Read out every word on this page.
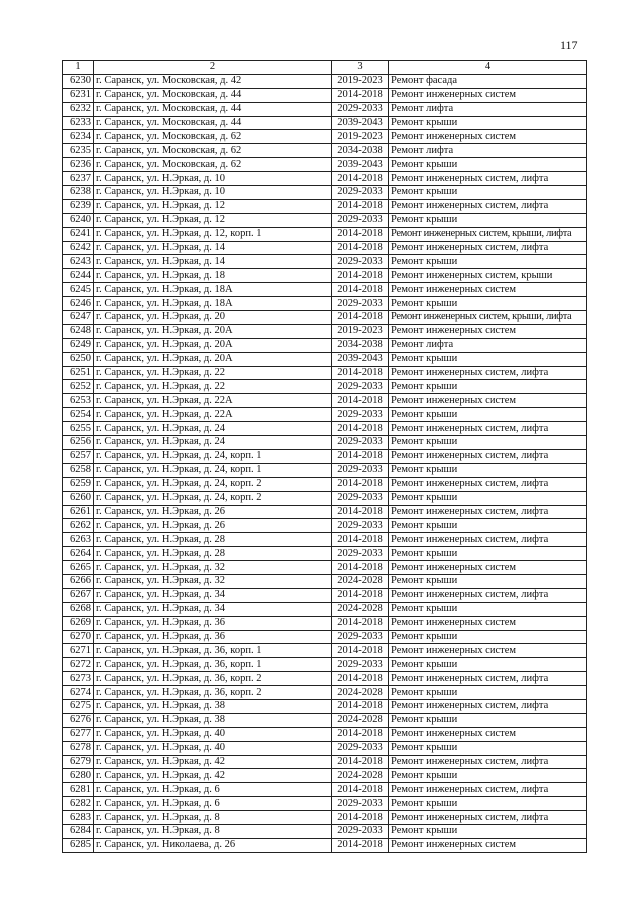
117
1	2	3	4
6230	г. Саранск, ул. Московская, д. 42	2019-2023	Ремонт фасада
6231	г. Саранск, ул. Московская, д. 44	2014-2018	Ремонт инженерных систем
6232	г. Саранск, ул. Московская, д. 44	2029-2033	Ремонт лифта
6233	г. Саранск, ул. Московская, д. 44	2039-2043	Ремонт крыши
6234	г. Саранск, ул. Московская, д. 62	2019-2023	Ремонт инженерных систем
6235	г. Саранск, ул. Московская, д. 62	2034-2038	Ремонт лифта
6236	г. Саранск, ул. Московская, д. 62	2039-2043	Ремонт крыши
6237	г. Саранск, ул. Н.Эркая, д. 10	2014-2018	Ремонт инженерных систем, лифта
6238	г. Саранск, ул. Н.Эркая, д. 10	2029-2033	Ремонт крыши
6239	г. Саранск, ул. Н.Эркая, д. 12	2014-2018	Ремонт инженерных систем, лифта
6240	г. Саранск, ул. Н.Эркая, д. 12	2029-2033	Ремонт крыши
6241	г. Саранск, ул. Н.Эркая, д. 12, корп. 1	2014-2018	Ремонт инженерных систем, крыши, лифта
6242	г. Саранск, ул. Н.Эркая, д. 14	2014-2018	Ремонт инженерных систем, лифта
6243	г. Саранск, ул. Н.Эркая, д. 14	2029-2033	Ремонт крыши
6244	г. Саранск, ул. Н.Эркая, д. 18	2014-2018	Ремонт инженерных систем, крыши
6245	г. Саранск, ул. Н.Эркая, д. 18А	2014-2018	Ремонт инженерных систем
6246	г. Саранск, ул. Н.Эркая, д. 18А	2029-2033	Ремонт крыши
6247	г. Саранск, ул. Н.Эркая, д. 20	2014-2018	Ремонт инженерных систем, крыши, лифта
6248	г. Саранск, ул. Н.Эркая, д. 20А	2019-2023	Ремонт инженерных систем
6249	г. Саранск, ул. Н.Эркая, д. 20А	2034-2038	Ремонт лифта
6250	г. Саранск, ул. Н.Эркая, д. 20А	2039-2043	Ремонт крыши
6251	г. Саранск, ул. Н.Эркая, д. 22	2014-2018	Ремонт инженерных систем, лифта
6252	г. Саранск, ул. Н.Эркая, д. 22	2029-2033	Ремонт крыши
6253	г. Саранск, ул. Н.Эркая, д. 22А	2014-2018	Ремонт инженерных систем
6254	г. Саранск, ул. Н.Эркая, д. 22А	2029-2033	Ремонт крыши
6255	г. Саранск, ул. Н.Эркая, д. 24	2014-2018	Ремонт инженерных систем, лифта
6256	г. Саранск, ул. Н.Эркая, д. 24	2029-2033	Ремонт крыши
6257	г. Саранск, ул. Н.Эркая, д. 24, корп. 1	2014-2018	Ремонт инженерных систем, лифта
6258	г. Саранск, ул. Н.Эркая, д. 24, корп. 1	2029-2033	Ремонт крыши
6259	г. Саранск, ул. Н.Эркая, д. 24, корп. 2	2014-2018	Ремонт инженерных систем, лифта
6260	г. Саранск, ул. Н.Эркая, д. 24, корп. 2	2029-2033	Ремонт крыши
6261	г. Саранск, ул. Н.Эркая, д. 26	2014-2018	Ремонт инженерных систем, лифта
6262	г. Саранск, ул. Н.Эркая, д. 26	2029-2033	Ремонт крыши
6263	г. Саранск, ул. Н.Эркая, д. 28	2014-2018	Ремонт инженерных систем, лифта
6264	г. Саранск, ул. Н.Эркая, д. 28	2029-2033	Ремонт крыши
6265	г. Саранск, ул. Н.Эркая, д. 32	2014-2018	Ремонт инженерных систем
6266	г. Саранск, ул. Н.Эркая, д. 32	2024-2028	Ремонт крыши
6267	г. Саранск, ул. Н.Эркая, д. 34	2014-2018	Ремонт инженерных систем, лифта
6268	г. Саранск, ул. Н.Эркая, д. 34	2024-2028	Ремонт крыши
6269	г. Саранск, ул. Н.Эркая, д. 36	2014-2018	Ремонт инженерных систем
6270	г. Саранск, ул. Н.Эркая, д. 36	2029-2033	Ремонт крыши
6271	г. Саранск, ул. Н.Эркая, д. 36, корп. 1	2014-2018	Ремонт инженерных систем
6272	г. Саранск, ул. Н.Эркая, д. 36, корп. 1	2029-2033	Ремонт крыши
6273	г. Саранск, ул. Н.Эркая, д. 36, корп. 2	2014-2018	Ремонт инженерных систем, лифта
6274	г. Саранск, ул. Н.Эркая, д. 36, корп. 2	2024-2028	Ремонт крыши
6275	г. Саранск, ул. Н.Эркая, д. 38	2014-2018	Ремонт инженерных систем, лифта
6276	г. Саранск, ул. Н.Эркая, д. 38	2024-2028	Ремонт крыши
6277	г. Саранск, ул. Н.Эркая, д. 40	2014-2018	Ремонт инженерных систем
6278	г. Саранск, ул. Н.Эркая, д. 40	2029-2033	Ремонт крыши
6279	г. Саранск, ул. Н.Эркая, д. 42	2014-2018	Ремонт инженерных систем, лифта
6280	г. Саранск, ул. Н.Эркая, д. 42	2024-2028	Ремонт крыши
6281	г. Саранск, ул. Н.Эркая, д. 6	2014-2018	Ремонт инженерных систем, лифта
6282	г. Саранск, ул. Н.Эркая, д. 6	2029-2033	Ремонт крыши
6283	г. Саранск, ул. Н.Эркая, д. 8	2014-2018	Ремонт инженерных систем, лифта
6284	г. Саранск, ул. Н.Эркая, д. 8	2029-2033	Ремонт крыши
6285	г. Саранск, ул. Николаева, д. 26	2014-2018	Ремонт инженерных систем
